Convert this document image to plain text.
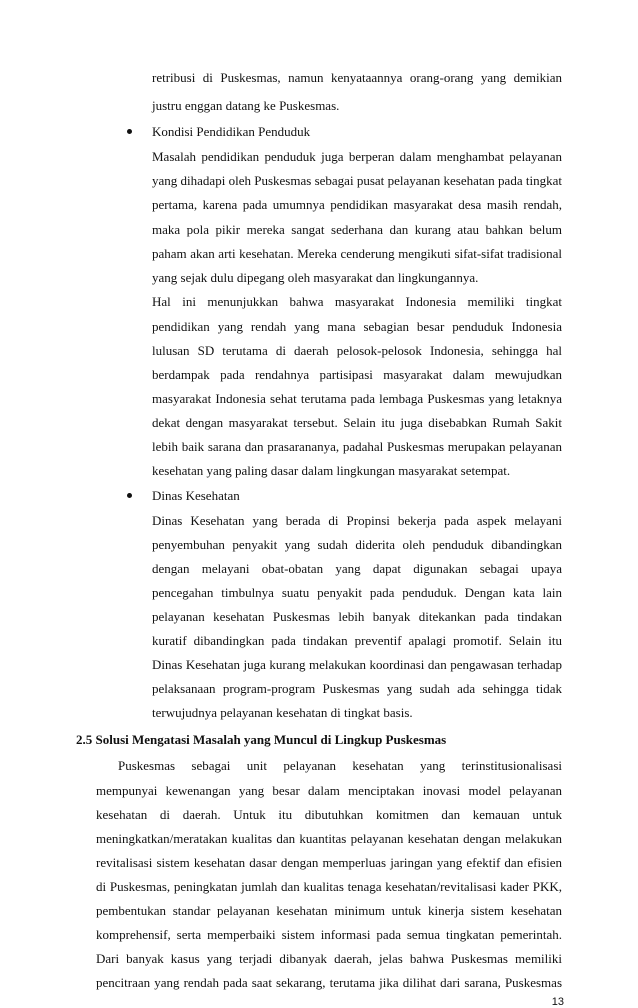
retribusi di Puskesmas, namun kenyataannya orang-orang yang demikian
justru enggan datang ke Puskesmas.
Kondisi Pendidikan Penduduk
Masalah pendidikan penduduk juga berperan dalam menghambat pelayanan
yang dihadapi oleh Puskesmas sebagai pusat pelayanan kesehatan pada tingkat
pertama, karena pada umumnya pendidikan masyarakat desa masih rendah,
maka pola pikir mereka sangat sederhana dan kurang atau bahkan belum
paham akan arti kesehatan. Mereka cenderung mengikuti sifat-sifat tradisional
yang sejak dulu dipegang oleh masyarakat dan lingkungannya.
Hal ini menunjukkan bahwa masyarakat Indonesia memiliki tingkat
pendidikan yang rendah yang mana sebagian besar penduduk Indonesia
lulusan SD terutama di daerah pelosok-pelosok Indonesia, sehingga hal
berdampak pada rendahnya partisipasi masyarakat dalam mewujudkan
masyarakat Indonesia sehat terutama pada lembaga Puskesmas yang letaknya
dekat dengan masyarakat tersebut. Selain itu juga disebabkan Rumah Sakit
lebih baik sarana dan prasarananya, padahal Puskesmas merupakan pelayanan
kesehatan yang paling dasar dalam lingkungan masyarakat setempat.
Dinas Kesehatan
Dinas Kesehatan yang berada di Propinsi bekerja pada aspek melayani
penyembuhan penyakit yang sudah diderita oleh penduduk dibandingkan
dengan melayani obat-obatan yang dapat digunakan sebagai upaya
pencegahan timbulnya suatu penyakit pada penduduk. Dengan kata lain
pelayanan kesehatan Puskesmas lebih banyak ditekankan pada tindakan
kuratif dibandingkan pada tindakan preventif apalagi promotif. Selain itu
Dinas Kesehatan juga kurang melakukan koordinasi dan pengawasan terhadap
pelaksanaan program-program Puskesmas yang sudah ada sehingga tidak
terwujudnya pelayanan kesehatan di tingkat basis.
2.5 Solusi Mengatasi Masalah yang Muncul di Lingkup Puskesmas
Puskesmas sebagai unit pelayanan kesehatan yang terinstitusionalisasi
mempunyai kewenangan yang besar dalam menciptakan inovasi model pelayanan
kesehatan di daerah. Untuk itu dibutuhkan komitmen dan kemauan untuk
meningkatkan/meratakan kualitas dan kuantitas pelayanan kesehatan dengan melakukan
revitalisasi sistem kesehatan dasar dengan memperluas jaringan yang efektif dan efisien
di Puskesmas, peningkatan jumlah dan kualitas tenaga kesehatan/revitalisasi kader PKK,
pembentukan standar pelayanan kesehatan minimum untuk kinerja sistem kesehatan
komprehensif, serta memperbaiki sistem informasi pada semua tingkatan pemerintah.
Dari banyak kasus yang terjadi dibanyak daerah, jelas bahwa Puskesmas memiliki
pencitraan yang rendah pada saat sekarang, terutama jika dilihat dari sarana, Puskesmas
13
